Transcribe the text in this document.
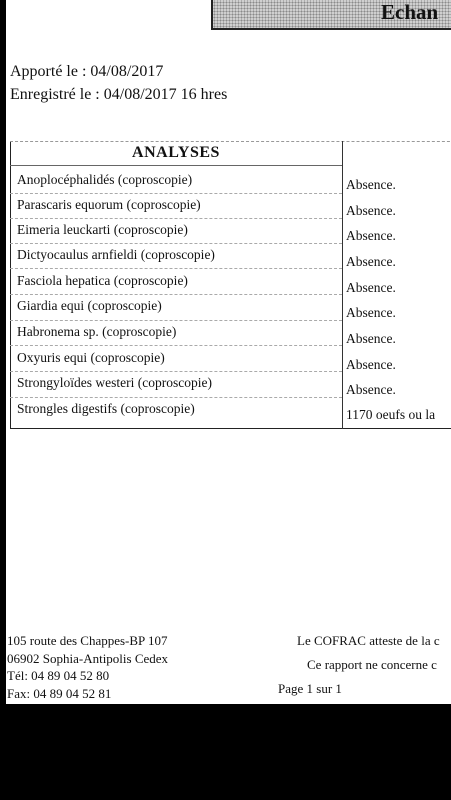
Echan
Apporté le : 04/08/2017
Enregistré le : 04/08/2017 16 hres
ANALYSES
Anoplocéphalidés (coproscopie)	Absence.
Parascaris equorum (coproscopie)	Absence.
Eimeria leuckarti (coproscopie)	Absence.
Dictyocaulus arnfieldi (coproscopie)	Absence.
Fasciola hepatica (coproscopie)	Absence.
Giardia equi (coproscopie)	Absence.
Habronema sp. (coproscopie)	Absence.
Oxyuris equi (coproscopie)	Absence.
Strongyloïdes westeri (coproscopie)	Absence.
Strongles digestifs (coproscopie)	1170 oeufs ou la
105 route des Chappes-BP 107
06902 Sophia-Antipolis Cedex
Tél: 04 89 04 52 80
Fax: 04 89 04 52 81
Le COFRAC atteste de la c
Ce rapport ne concerne c
Page 1 sur 1
